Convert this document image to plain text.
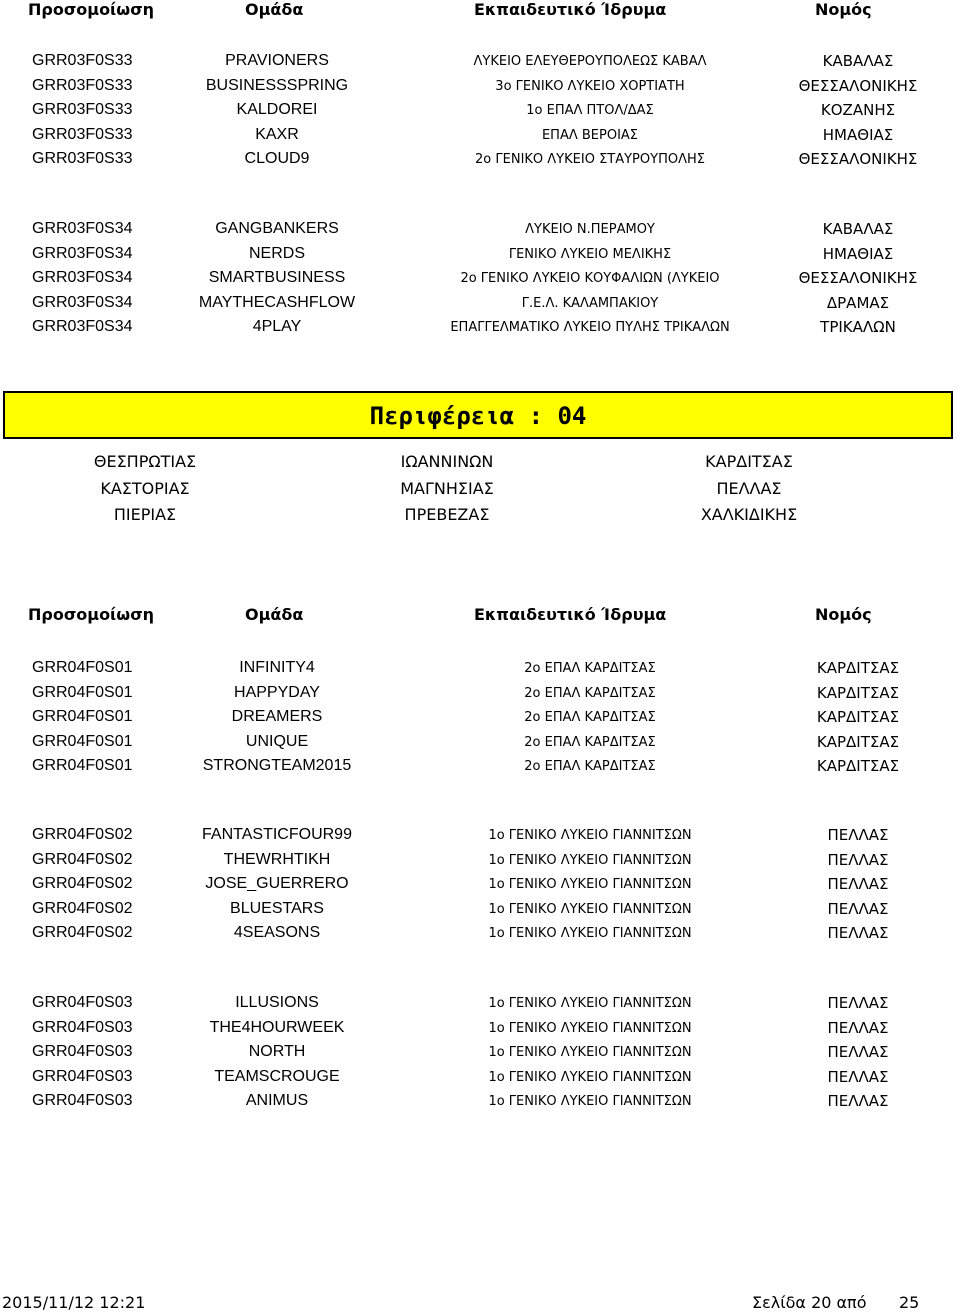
Προσομοίωση	Ομάδα	Εκπαιδευτικό Ίδρυμα	Νομός
GRR03F0S33	PRAVIONERS	ΛΥΚΕΙΟ ΕΛΕΥΘΕΡΟΥΠΟΛΕΩΣ ΚΑΒΑΛ	ΚΑΒΑΛΑΣ
GRR03F0S33	BUSINESSSPRING	3ο ΓΕΝΙΚΟ ΛΥΚΕΙΟ ΧΟΡΤΙΑΤΗ	ΘΕΣΣΑΛΟΝΙΚΗΣ
GRR03F0S33	KALDOREI	1ο ΕΠΑΛ ΠΤΟΛ/ΔΑΣ	ΚΟΖΑΝΗΣ
GRR03F0S33	KAXR	ΕΠΑΛ ΒΕΡΟΙΑΣ	ΗΜΑΘΙΑΣ
GRR03F0S33	CLOUD9	2ο ΓΕΝΙΚΟ ΛΥΚΕΙΟ ΣΤΑΥΡΟΥΠΟΛΗΣ	ΘΕΣΣΑΛΟΝΙΚΗΣ
GRR03F0S34	GANGBANKERS	ΛΥΚΕΙΟ Ν.ΠΕΡΑΜΟΥ	ΚΑΒΑΛΑΣ
GRR03F0S34	NERDS	ΓΕΝΙΚΟ ΛΥΚΕΙΟ ΜΕΛΙΚΗΣ	ΗΜΑΘΙΑΣ
GRR03F0S34	SMARTBUSINESS	2ο ΓΕΝΙΚΟ ΛΥΚΕΙΟ ΚΟΥΦΑΛΙΩΝ (ΛΥΚΕΙΟ	ΘΕΣΣΑΛΟΝΙΚΗΣ
GRR03F0S34	MAYTHECASHFLOW	Γ.Ε.Λ. ΚΑΛΑΜΠΑΚΙΟΥ	ΔΡΑΜΑΣ
GRR03F0S34	4PLAY	ΕΠΑΓΓΕΛΜΑΤΙΚΟ ΛΥΚΕΙΟ ΠΥΛΗΣ ΤΡΙΚΑΛΩΝ	ΤΡΙΚΑΛΩΝ
Περιφέρεια : 04
ΘΕΣΠΡΩΤΙΑΣ	ΙΩΑΝΝΙΝΩΝ	ΚΑΡΔΙΤΣΑΣ
ΚΑΣΤΟΡΙΑΣ	ΜΑΓΝΗΣΙΑΣ	ΠΕΛΛΑΣ
ΠΙΕΡΙΑΣ	ΠΡΕΒΕΖΑΣ	ΧΑΛΚΙΔΙΚΗΣ
Προσομοίωση	Ομάδα	Εκπαιδευτικό Ίδρυμα	Νομός
GRR04F0S01	INFINITY4	2ο ΕΠΑΛ ΚΑΡΔΙΤΣΑΣ	ΚΑΡΔΙΤΣΑΣ
GRR04F0S01	HAPPYDAY	2ο ΕΠΑΛ ΚΑΡΔΙΤΣΑΣ	ΚΑΡΔΙΤΣΑΣ
GRR04F0S01	DREAMERS	2ο ΕΠΑΛ ΚΑΡΔΙΤΣΑΣ	ΚΑΡΔΙΤΣΑΣ
GRR04F0S01	UNIQUE	2ο ΕΠΑΛ ΚΑΡΔΙΤΣΑΣ	ΚΑΡΔΙΤΣΑΣ
GRR04F0S01	STRONGTEAM2015	2ο ΕΠΑΛ ΚΑΡΔΙΤΣΑΣ	ΚΑΡΔΙΤΣΑΣ
GRR04F0S02	FANTASTICFOUR99	1ο ΓΕΝΙΚΟ ΛΥΚΕΙΟ ΓΙΑΝΝΙΤΣΩΝ	ΠΕΛΛΑΣ
GRR04F0S02	THEWRHTIKH	1ο ΓΕΝΙΚΟ ΛΥΚΕΙΟ ΓΙΑΝΝΙΤΣΩΝ	ΠΕΛΛΑΣ
GRR04F0S02	JOSE_GUERRERO	1ο ΓΕΝΙΚΟ ΛΥΚΕΙΟ ΓΙΑΝΝΙΤΣΩΝ	ΠΕΛΛΑΣ
GRR04F0S02	BLUESTARS	1ο ΓΕΝΙΚΟ ΛΥΚΕΙΟ ΓΙΑΝΝΙΤΣΩΝ	ΠΕΛΛΑΣ
GRR04F0S02	4SEASONS	1ο ΓΕΝΙΚΟ ΛΥΚΕΙΟ ΓΙΑΝΝΙΤΣΩΝ	ΠΕΛΛΑΣ
GRR04F0S03	ILLUSIONS	1ο ΓΕΝΙΚΟ ΛΥΚΕΙΟ ΓΙΑΝΝΙΤΣΩΝ	ΠΕΛΛΑΣ
GRR04F0S03	THE4HOURWEEK	1ο ΓΕΝΙΚΟ ΛΥΚΕΙΟ ΓΙΑΝΝΙΤΣΩΝ	ΠΕΛΛΑΣ
GRR04F0S03	NORTH	1ο ΓΕΝΙΚΟ ΛΥΚΕΙΟ ΓΙΑΝΝΙΤΣΩΝ	ΠΕΛΛΑΣ
GRR04F0S03	TEAMSCROUGE	1ο ΓΕΝΙΚΟ ΛΥΚΕΙΟ ΓΙΑΝΝΙΤΣΩΝ	ΠΕΛΛΑΣ
GRR04F0S03	ANIMUS	1ο ΓΕΝΙΚΟ ΛΥΚΕΙΟ ΓΙΑΝΝΙΤΣΩΝ	ΠΕΛΛΑΣ
2015/11/12 12:21	Σελίδα 20 από 25
